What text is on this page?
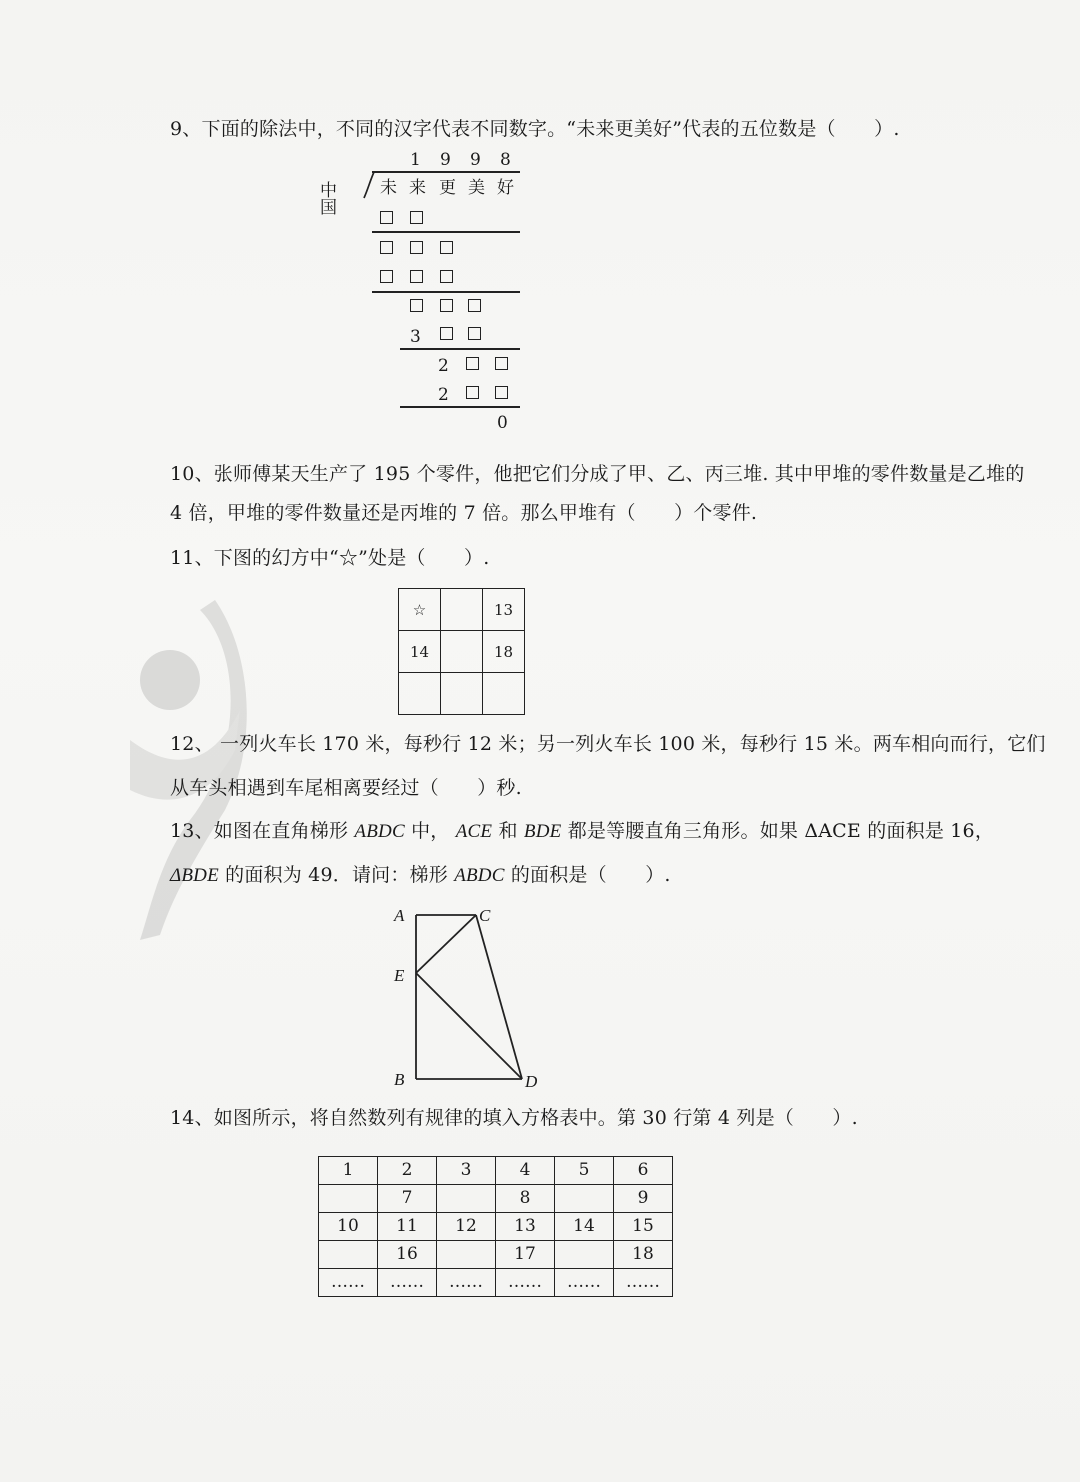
9、下面的除法中，不同的汉字代表不同数字。“未来更美好”代表的五位数是（　　）.
1 9 9 8
中 国
未 来 更 美 好
3
2
2
0
10、张师傅某天生产了 195 个零件，他把它们分成了甲、乙、丙三堆. 其中甲堆的零件数量是乙堆的
4 倍，甲堆的零件数量还是丙堆的 7 倍。那么甲堆有（　　）个零件.
11、下图的幻方中“☆”处是（　　）.
☆		13
14		18

12、 一列火车长 170 米，每秒行 12 米；另一列火车长 100 米，每秒行 15 米。两车相向而行，它们
从车头相遇到车尾相离要经过（　　）秒.
13、如图在直角梯形 ABDC 中， ACE 和 BDE 都是等腰直角三角形。如果 ΔACE 的面积是 16，
ΔBDE 的面积为 49．请问：梯形 ABDC 的面积是（　　）.
A	C
E
B	D
14、如图所示，将自然数列有规律的填入方格表中。第 30 行第 4 列是（　　）.
1	2	3	4	5	6
	7		8		9
10	11	12	13	14	15
	16		17		18
……	……	……	……	……	……
